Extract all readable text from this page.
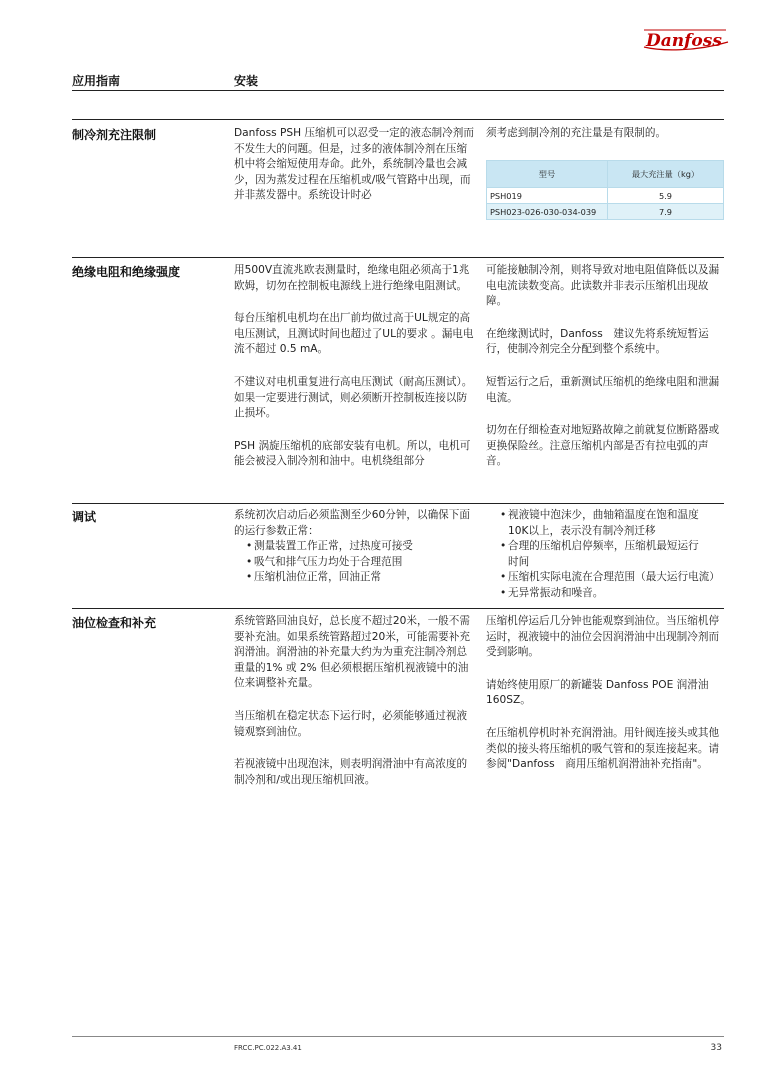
Danfoss
应用指南	安装
制冷剂充注限制	Danfoss PSH 压缩机可以忍受一定的液态制冷剂而不发生大的问题。但是，过多的液体制冷剂在压缩机中将会缩短使用寿命。此外，系统制冷量也会减少，因为蒸发过程在压缩机或/吸气管路中出现，而并非蒸发器中。系统设计时必

须考虑到制冷剂的充注量是有限制的。

型号	最大充注量（kg）
PSH019	5.9
PSH023-026-030-034-039	7.9
绝缘电阻和绝缘强度	用500V直流兆欧表测量时，绝缘电阻必须高于1兆欧姆，切勿在控制板电源线上进行绝缘电阻测试。

每台压缩机电机均在出厂前均做过高于UL规定的高电压测试，且测试时间也超过了UL的要求 。漏电电流不超过 0.5 mA。

不建议对电机重复进行高电压测试（耐高压测试）。如果一定要进行测试，则必须断开控制板连接以防止损坏。

PSH 涡旋压缩机的底部安装有电机。所以，电机可能会被浸入制冷剂和油中。电机绕组部分

可能接触制冷剂，则将导致对地电阻值降低以及漏电电流读数变高。此读数并非表示压缩机出现故障。

在绝缘测试时，Danfoss　建议先将系统短暂运行，使制冷剂完全分配到整个系统中。

短暂运行之后，重新测试压缩机的绝缘电阻和泄漏电流。

切勿在仔细检查对地短路故障之前就复位断路器或更换保险丝。注意压缩机内部是否有拉电弧的声音。

调试	系统初次启动后必须监测至少60分钟，以确保下面的运行参数正常：
• 测量装置工作正常，过热度可接受
• 吸气和排气压力均处于合理范围
• 压缩机油位正常，回油正常
• 视液镜中泡沫少，曲轴箱温度在饱和温度
10K以上，表示没有制冷剂迁移
• 合理的压缩机启停频率，压缩机最短运行
时间
• 压缩机实际电流在合理范围（最大运行电流）
• 无异常振动和噪音。
油位检查和补充	系统管路回油良好，总长度不超过20米，一般不需要补充油。如果系统管路超过20米，可能需要补充润滑油。润滑油的补充量大约为为重充注制冷剂总重量的1% 或 2% 但必须根据压缩机视液镜中的油位来调整补充量。

当压缩机在稳定状态下运行时，必须能够通过视液镜观察到油位。

若视液镜中出现泡沫，则表明润滑油中有高浓度的制冷剂和/或出现压缩机回液。

压缩机停运后几分钟也能观察到油位。当压缩机停运时，视液镜中的油位会因润滑油中出现制冷剂而受到影响。

请始终使用原厂的新罐装 Danfoss POE 润滑油160SZ。

在压缩机停机时补充润滑油。用针阀连接头或其他类似的接头将压缩机的吸气管和的泵连接起来。请参阅"Danfoss　商用压缩机润滑油补充指南"。

FRCC.PC.022.A3.41	33
